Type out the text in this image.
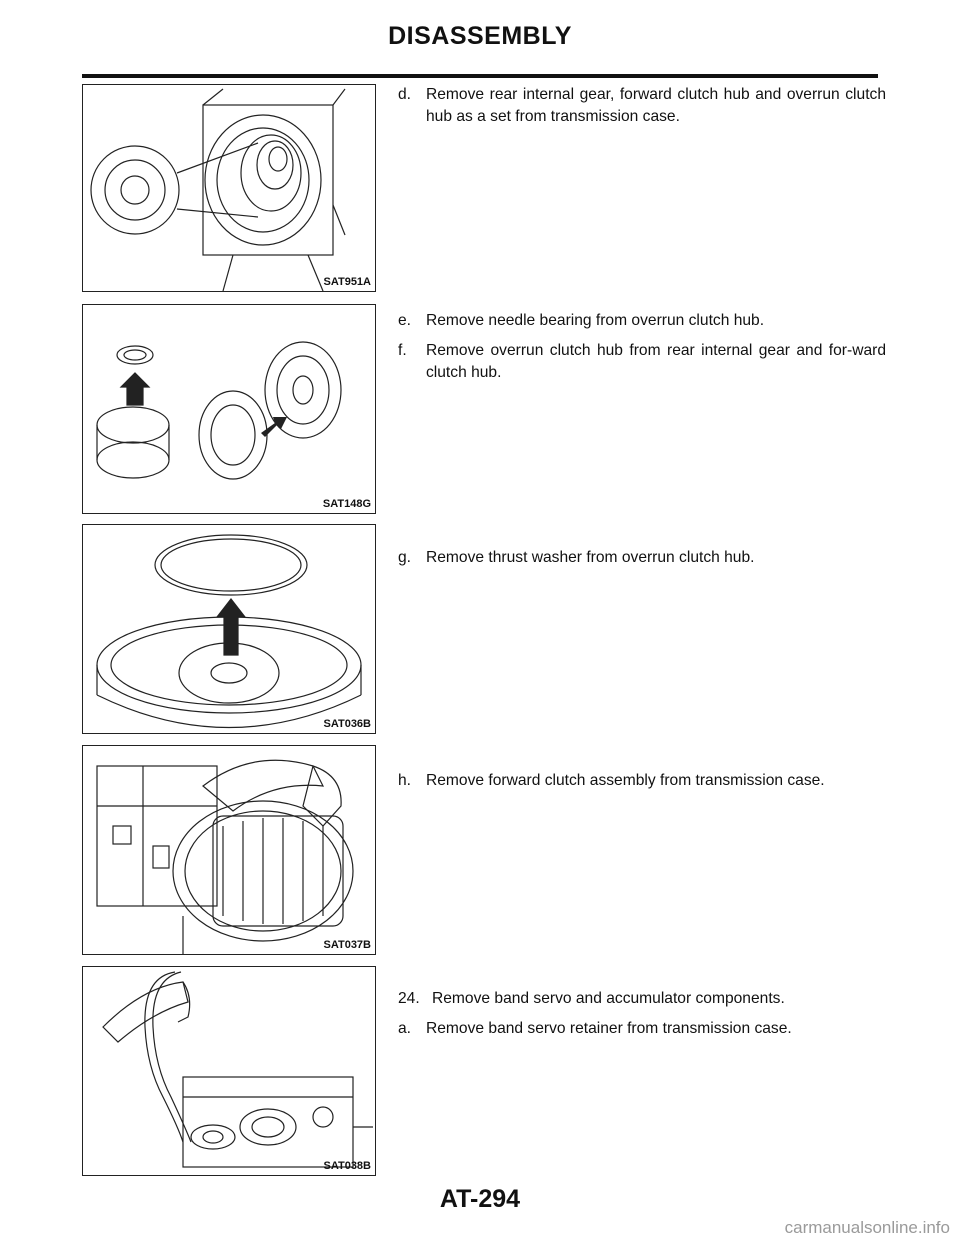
DISASSEMBLY
SAT951A
d. Remove rear internal gear, forward clutch hub and overrun clutch hub as a set from transmission case.
SAT148G
e. Remove needle bearing from overrun clutch hub.
f.	Remove overrun clutch hub from rear internal gear and for-ward clutch hub.
SAT036B
g. Remove thrust washer from overrun clutch hub.
SAT037B
h. Remove forward clutch assembly from transmission case.
SAT038B
24. Remove band servo and accumulator components.
a. Remove band servo retainer from transmission case.
AT-294
carmanualsonline.info
